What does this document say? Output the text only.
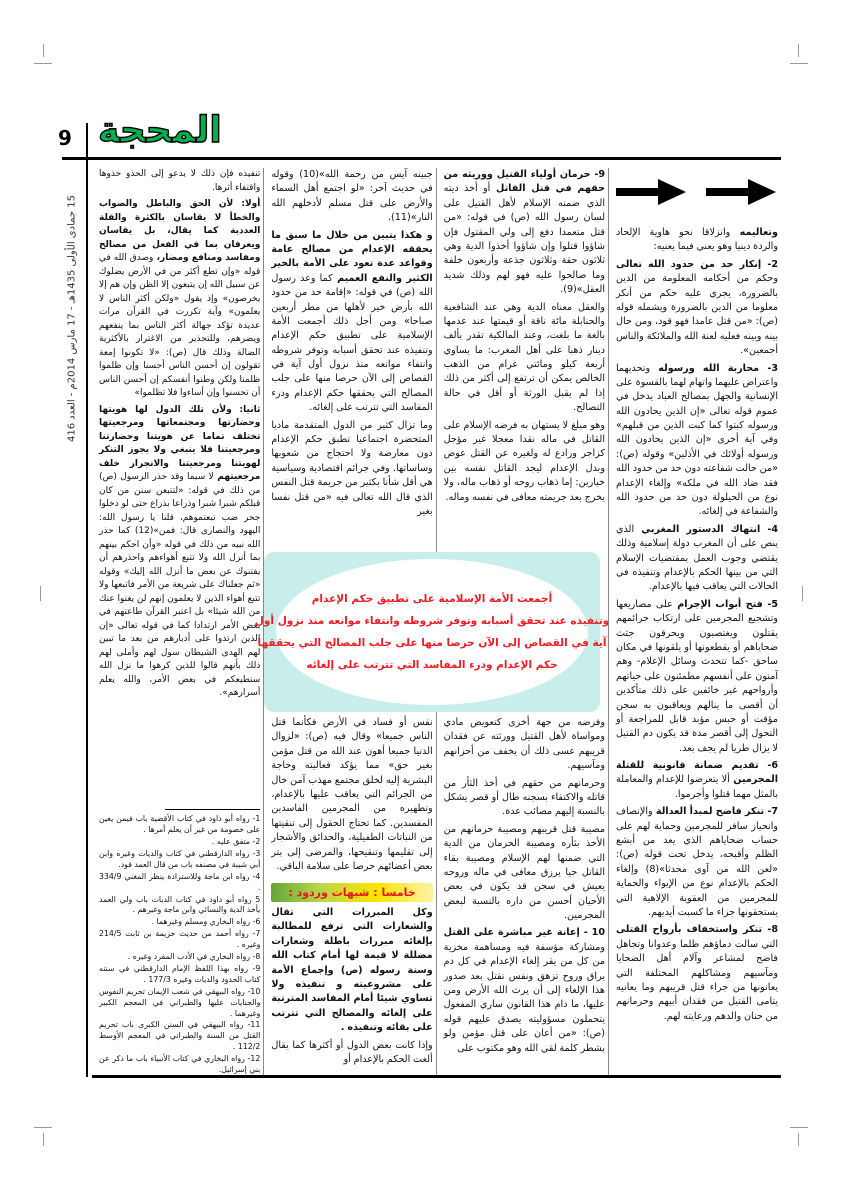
9 المحجة
15 جمادى الأولى 1435هـ - 17 مارس 2014م - العدد 416

وتعاليمه وانزلاقا نحو هاوية الإلحاد والردة دينيا وهو يعني فيما يعنيه:

2- إنكار حد من حدود الله تعالى وحكم من أحكامه المعلومة من الدين بالضرورة، يجري عليه حكم من أنكر معلوما من الدين بالضرورة ويشمله قوله (ص): «من قتل عامدا فهو قود، ومن حال بينه وبينه فعليه لعنة الله والملائكة والناس أجمعين».

3- محاربة الله ورسوله وتحديهما واعتراض عليهما واتهام لهما بالقسوة على الإنسانية والجهل بمصالح العباد يدخل في عموم قوله تعالى «إن الذين يحادون الله ورسوله كبتوا كما كبت الذين من قبلهم» وفي آية أخرى «إن الذين يحادون الله ورسوله أولائك في الأذلين» وقوله (ص): «من حالت شفاعته دون حد من حدود الله فقد ضاد الله في ملكه» وإلغاء الإعدام نوع من الحيلولة دون حد من حدود الله والشفاعة في إلغائه.

4- انتهاك الدستور المغربي الذي ينص على أن المغرب دولة إسلامية وذلك يقتضي وجوب العمل بمقتضيات الإسلام التي من بينها الحكم بالإعدام وتنفيذه في الحالات التي يعاقب فيها بالإعدام.

5- فتح أبواب الإجرام على مصاريعها وتشجيع المجرمين على ارتكاب جرائمهم يقتلون ويغتصبون ويحرقون جثث ضحاياهم أو يقطعونها أو يلقونها في مكان ساحق -كما تتحدث وسائل الإعلام- وهم آمنون على أنفسهم مطمئنون على حياتهم وأرواحهم غير خائفين على ذلك متأكدين أن أقصى ما ينالهم ويعاقبون به سجن مؤقت أو حبس مؤبد قابل للمراجعة أو التحول إلى أقصر مدة قد يكون دم القتيل لا يزال طريا لم يجف بعد.

6- تقديم ضمانة قانونية للقتلة المجرمين ألا يتعرضوا للإعدام والمعاملة بالمثل مهما قتلوا وأجرموا.

7- تنكر فاضح لمبدأ العدالة والإنصاف وانحياز سافر للمجرمين وحماية لهم على حساب ضحاياهم الذي يعد من أبشع الظلم وأقبحه، يدخل تحت قوله (ص): «لعن الله من آوى محدثا»(8) وإلغاء الحكم بالإعدام نوع من الإيواء والحماية للمجرمين من العقوبة الإلاهية التي يستحقونها جزاء ما كسبت أيديهم.

8- تنكر واستخفاف بأرواح القتلى التي سالت دماؤهم ظلما وعدوانا وتجاهل فاضح لمشاعر وآلام أهل الضحايا ومآسيهم ومشاكلهم المختلفة التي يعانونها من جراء قتل قريبهم وما يعانيه يتامى القتيل من فقدان أبيهم وحرمانهم من حنان والدهم ورعايته لهم.

9- حرمان أولياء القتيل ووريثه من حقهم في قتل القاتل أو أخذ ديته الذي ضمنه الإسلام لأهل القتيل على لسان رسول الله (ص) في قوله: «من قتل متعمدا دفع إلى ولي المقتول فإن شاؤوا قتلوا وإن شاؤوا أخذوا الدية وهي ثلاثون حقة وثلاثون جذعة وأربعون خلفة وما صالحوا عليه فهو لهم وذلك شديد العقل»(9).

والعقل معناه الدية وهي عند الشافعية والحنابلة مائة ناقة أو قيمتها عند عدمها بالغة ما بلغت، وعند المالكية تقدر بألف دينار ذهبا على أهل المغرب: ما يساوي أربعة كيلو ومائتي غرام من الذهب الخالص يمكن أن ترتفع إلى أكثر من ذلك إذا لم يقبل الورثة أو أقل في حالة التصالح.

وهو مبلغ لا يستهان به فرضه الإسلام على القاتل في ماله نقدا معجلا غير مؤجل كزاجر ورادع له ولغيره عن القتل عوض وبدل الإعدام ليجد القاتل نفسه بين خيارين: إما ذهاب روحه أو ذهاب ماله، ولا يخرج بعد جريمته معافى في نفسه وماله.

وفرضه من جهة أخرى كتعويض مادي ومواساة لأهل القتيل وورثته عن فقدان قريبهم عسى ذلك أن يخفف من أحزانهم ومآسيهم.

وحرمانهم من حقهم في أخذ الثأر من قاتله والاكتفاء بسجنه طال أو قصر يشكل بالنسبة إليهم مصائب عدة.

مصيبة قتل قريبهم ومصيبة حرمانهم من الأخذ بثأره ومصيبة الحرمان من الدية التي ضمنها لهم الإسلام ومصيبة بقاء القاتل حيا يرزق معافى في ماله وروحه يعيش في سجن قد يكون في بعض الأحيان أحسن من داره بالنسبة لبعض المجرمين.

10 - إعانة غير مباشرة على القتل ومشاركة مؤسفة فيه ومساهمة مخزية من كل من يقر إلغاء الإعدام في كل دم يراق وروح تزهق ونفس تقتل بعد صدور هذا الإلغاء إلى أن يرث الله الأرض ومن عليها، ما دام هذا القانون ساري المفعول يتحملون مسؤوليته يصدق عليهم قوله (ص): «من أعان على قتل مؤمن ولو بشطر كلمة لقي الله وهو مكتوب على

جبينه آيس من رحمة الله»(10) وقوله في حديث آخر: «لو اجتمع أهل السماء والأرض على قتل مسلم لأدخلهم الله النار»(11).

و هكذا يتبين من خلال ما سبق ما يحققه الإعدام من مصالح عامة وقواعد عدة تعود على الأمة بالخير الكثير والنفع العميم كما وعد رسول الله (ص) في قوله: «إقامة حد من حدود الله بأرض خير لأهلها من مطر أربعين صباحا» ومن أجل ذلك أجمعت الأمة الإسلامية على تطبيق حكم الإعدام وتنفيذه عند تحقق أسبابه وتوفر شروطه وانتفاء موانعه منذ نزول أول آية في القصاص إلى الآن حرصا منها على جلب المصالح التي يحققها حكم الإعدام ودرء المفاسد التي تترتب على إلغائه.

وما تزال كثير من الدول المتقدمة ماديا المتحضرة اجتماعيا تطبق حكم الإعدام دون معارضة ولا احتجاج من شعوبها وساساتها. وفي جرائم اقتصادية وسياسية هي أقل شأنا بكثير من جريمة قتل النفس الذي قال الله تعالى فيه «من قتل نفسا بغير

نفس أو فساد في الأرض فكأنما قتل الناس جميعا» وقال فيه (ص): «لزوال الدنيا جميعا أهون عند الله من قتل مؤمن بغير حق» مما يؤكد فعاليته وحاجة البشرية إليه لخلق مجتمع مهذب آمن خال من الجرائم التي يعاقب عليها بالإعدام، وتطهيره من المجرمين الفاسدين المفسدين. كما تحتاج الحقول إلى تنقيتها من النباتات الطفيلية، والحدائق والأشجار إلى تقليمها وتنقيحها، والمرضى إلى بتر بعض أعضائهم حرصا على سلامة الباقي.

خامسا : شبهات وردود :

وكل المبررات التي تقال والشعارات التي ترفع للمطالبة بإلغائه مبررات باطلة وشعارات مضللة لا قيمة لها أمام كتاب الله وسنة رسوله (ص) وإجماع الأمة على مشروعيته و تنفيذه ولا تساوي شيئا أمام المفاسد المترتبة على إلغائه والمصالح التي تترتب على بقائه وتنفيذه .

وإذا كانت بعض الدول أو أكثرها كما يقال ألغت الحكم بالإعدام أو

تنفيذه فإن ذلك لا يدعو إلى الحذو حذوها واقتفاء أثرها.

أولا: لأن الحق والباطل والصواب والخطأ لا يقاسان بالكثرة والقلة العددية كما يقال، بل يقاسان ويعرفان بما في الفعل من مصالح ومفاسد ومنافع ومضار، وصدق الله في قوله «وإن تطع أكثر من في الأرض يضلوك عن سبيل الله إن يتبعون إلا الظن وإن هم إلا يخرصون» وإذ يقول «ولكن أكثر الناس لا يعلمون» وآية تكررت في القرآن مرات عديدة تؤكد جهالة أكثر الناس بما ينفعهم ويضرهم، وللتحذير من الاغترار بالأكثرية الضالة وذلك قال (ص): «لا تكونوا إمعة تقولون إن أحسن الناس أحسنا وإن ظلموا ظلمنا ولكن وطنوا أنفسكم إن أحسن الناس أن تحسنوا وإن أساءوا فلا تظلموا»

ثانيا: ولأن تلك الدول لها هويتها وحضارتها ومجتمعاتها ومرجعيتها تختلف تماما عن هويتنا وحضارتنا ومرجعيتنا فلا ينبغي ولا يجوز التنكر لهويتنا ومرجعيتنا والانجرار خلف مرجعيتهم لا سيما وقد حذر الرسول (ص) من ذلك في قوله: «لتتبعن سنن من كان قبلكم شبرا شبرا وذراعا بذراع حتى لو دخلوا جحر ضب تبعتموهم، قلنا يا رسول الله: اليهود والنصارى قال: فمن»(12) كما حذر الله نبيه من ذلك في قوله «وأن احكم بينهم بما أنزل الله ولا تتبع أهواءهم واحذرهم أن يفتنوك عن بعض ما أنزل الله إليك» وقوله «ثم جعلناك على شريعة من الأمر فاتبعها ولا تتبع أهواء الذين لا يعلمون إنهم لن يغنوا عنك من الله شيئا» بل اعتبر القرآن طاعتهم في بعض الأمر ارتدادا كما في قوله تعالى «إن الذين ارتدوا على أدبارهم من بعد ما تبين لهم الهدى الشيطان سول لهم وأملى لهم ذلك بأنهم قالوا للذين كرهوا ما نزل الله سنطيعكم في بعض الأمر، والله يعلم أسرارهم».

1- رواه أبو داود في كتاب الأقضية باب فيمن يعين على خصومة من غير أن يعلم أمرها .
2- متفق عليه .
3- رواه الدارقطني في كتاب والديات وغيره وابن أبي شيبة في مصنفه باب من قال العمد قود.
4- رواه ابن ماجة وللاستزادة ينظر المغني 334/9 .
5 رواه أبو داود في كتاب الديات باب ولي العمد يأخذ الدية والنسائي وابن ماجة وغيرهم .
6- رواه البخاري ومسلم وغيرهما .
7- رواه أحمد من حديث خزيمة بن ثابت 214/5 وغيره .
8- رواه البخاري في الأدب المفرد وغيره .
9- رواه بهذا اللفظ الإمام الدارقطني في سننه كتاب الحدود والديات وغيره 177/3 .
10- رواه البيهقي في شعب الإيمان تحريم النفوس والجنايات عليها والطبراني في المعجم الكبير وغيرهما .
11- رواه البيهقي في السنن الكبرى باب تحريم القتل من السنة والطبراني في المعجم الأوسط 112/2 .
12- رواه البخاري في كتاب الأنبياء باب ما ذكر عن بني إسرائيل.
أجمعت الأمة الإسلامية على تطبيق حكم الإعدام
وتنفيذه عند تحقق أسبابه وتوفر شروطه وانتفاء موانعه منذ نزول أول
آية في القصاص إلى الآن حرصا منها على جلب المصالح التي يحققها
حكم الإعدام ودرء المفاسد التي تترتب على إلغائه
